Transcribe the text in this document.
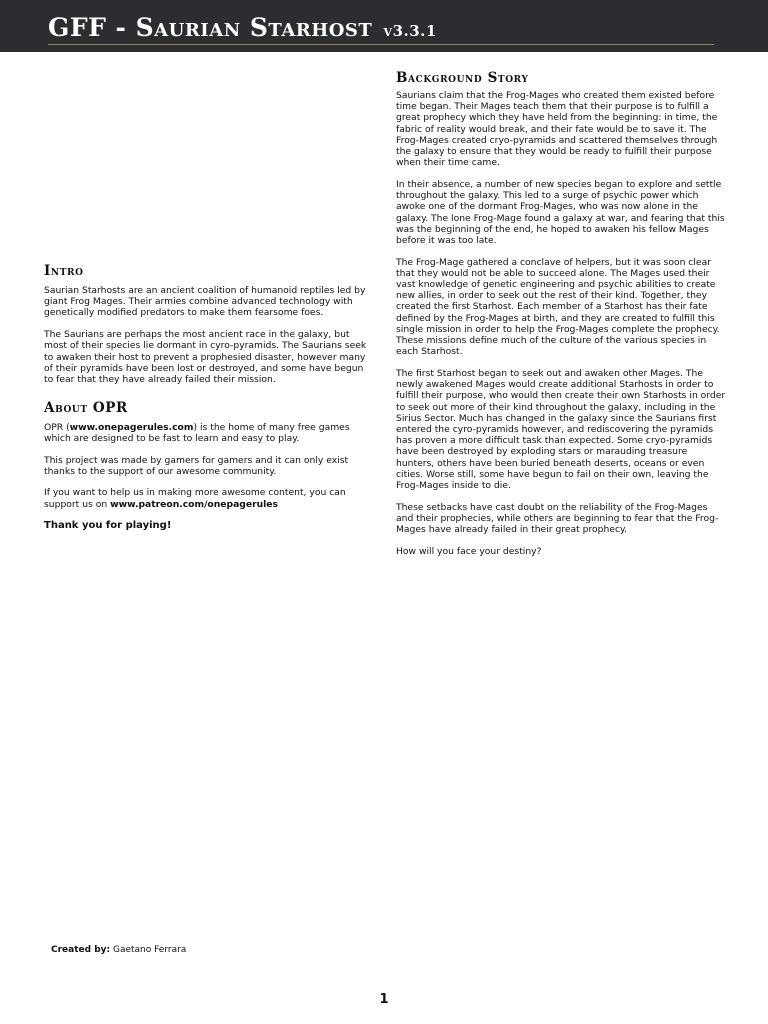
GFF - Saurian Starhost v3.3.1
Intro

Saurian Starhosts are an ancient coalition of humanoid reptiles led by giant Frog Mages. Their armies combine advanced technology with genetically modified predators to make them fearsome foes.

The Saurians are perhaps the most ancient race in the galaxy, but most of their species lie dormant in cyro-pyramids. The Saurians seek to awaken their host to prevent a prophesied disaster, however many of their pyramids have been lost or destroyed, and some have begun to fear that they have already failed their mission.

About OPR

OPR (www.onepagerules.com) is the home of many free games which are designed to be fast to learn and easy to play.

This project was made by gamers for gamers and it can only exist thanks to the support of our awesome community.

If you want to help us in making more awesome content, you can support us on www.patreon.com/onepagerules

Thank you for playing!

Background Story

Saurians claim that the Frog-Mages who created them existed before time began. Their Mages teach them that their purpose is to fulfill a great prophecy which they have held from the beginning: in time, the fabric of reality would break, and their fate would be to save it. The Frog-Mages created cryo-pyramids and scattered themselves through the galaxy to ensure that they would be ready to fulfill their purpose when their time came.

In their absence, a number of new species began to explore and settle throughout the galaxy. This led to a surge of psychic power which awoke one of the dormant Frog-Mages, who was now alone in the galaxy. The lone Frog-Mage found a galaxy at war, and fearing that this was the beginning of the end, he hoped to awaken his fellow Mages before it was too late.

The Frog-Mage gathered a conclave of helpers, but it was soon clear that they would not be able to succeed alone. The Mages used their vast knowledge of genetic engineering and psychic abilities to create new allies, in order to seek out the rest of their kind. Together, they created the first Starhost. Each member of a Starhost has their fate defined by the Frog-Mages at birth, and they are created to fulfill this single mission in order to help the Frog-Mages complete the prophecy. These missions define much of the culture of the various species in each Starhost.

The first Starhost began to seek out and awaken other Mages. The newly awakened Mages would create additional Starhosts in order to fulfill their purpose, who would then create their own Starhosts in order to seek out more of their kind throughout the galaxy, including in the Sirius Sector. Much has changed in the galaxy since the Saurians first entered the cyro-pyramids however, and rediscovering the pyramids has proven a more difficult task than expected. Some cryo-pyramids have been destroyed by exploding stars or marauding treasure hunters, others have been buried beneath deserts, oceans or even cities. Worse still, some have begun to fail on their own, leaving the Frog-Mages inside to die.

These setbacks have cast doubt on the reliability of the Frog-Mages and their prophecies, while others are beginning to fear that the Frog-Mages have already failed in their great prophecy.

How will you face your destiny?

Created by: Gaetano Ferrara
1
